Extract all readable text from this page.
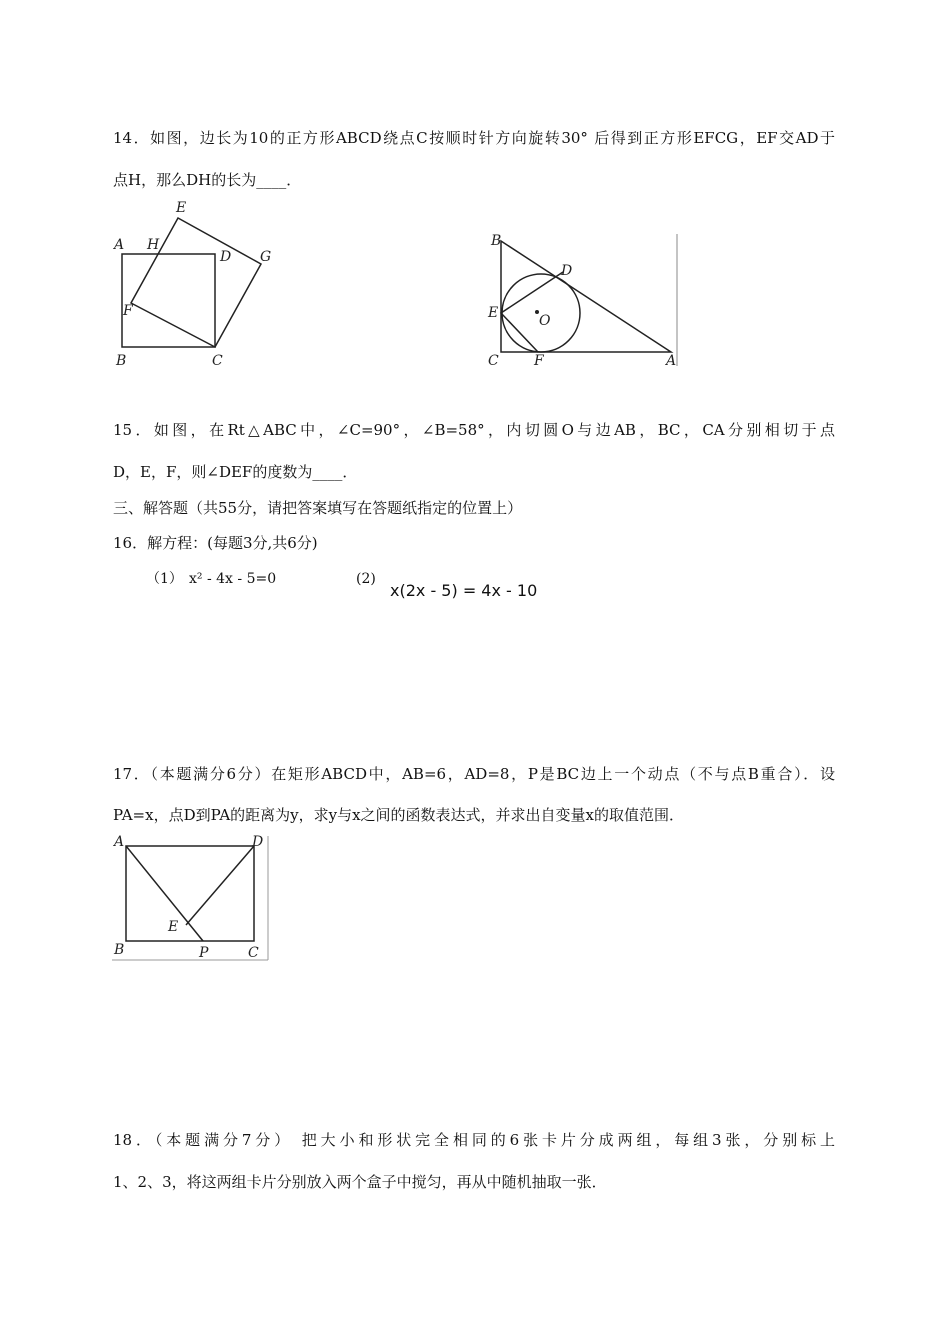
14．如图，边长为10的正方形ABCD绕点C按顺时针方向旋转30° 后得到正方形EFCG，EF交AD于
点H，那么DH的长为____．
A H
E
D G
F
B	C
B
D
E	O
C	F	A
15．如图，在Rt△ABC中，∠C=90°，∠B=58°，内切圆O与边AB，BC，CA分别相切于点
D，E，F，则∠DEF的度数为____．
三、解答题（共55分，请把答案填写在答题纸指定的位置上）
16．解方程：(每题3分,共6分)
（1） x² - 4x - 5=0	(2)
x(2x - 5) = 4x - 10
17．（本题满分6分）在矩形ABCD中，AB=6，AD=8，P是BC边上一个动点（不与点B重合）．设
PA=x，点D到PA的距离为y，求y与x之间的函数表达式，并求出自变量x的取值范围．
A	D
E
B	P	C
18．（本题满分7分） 把大小和形状完全相同的6张卡片分成两组，每组3张，分别标上
1、2、3，将这两组卡片分别放入两个盒子中搅匀，再从中随机抽取一张．
